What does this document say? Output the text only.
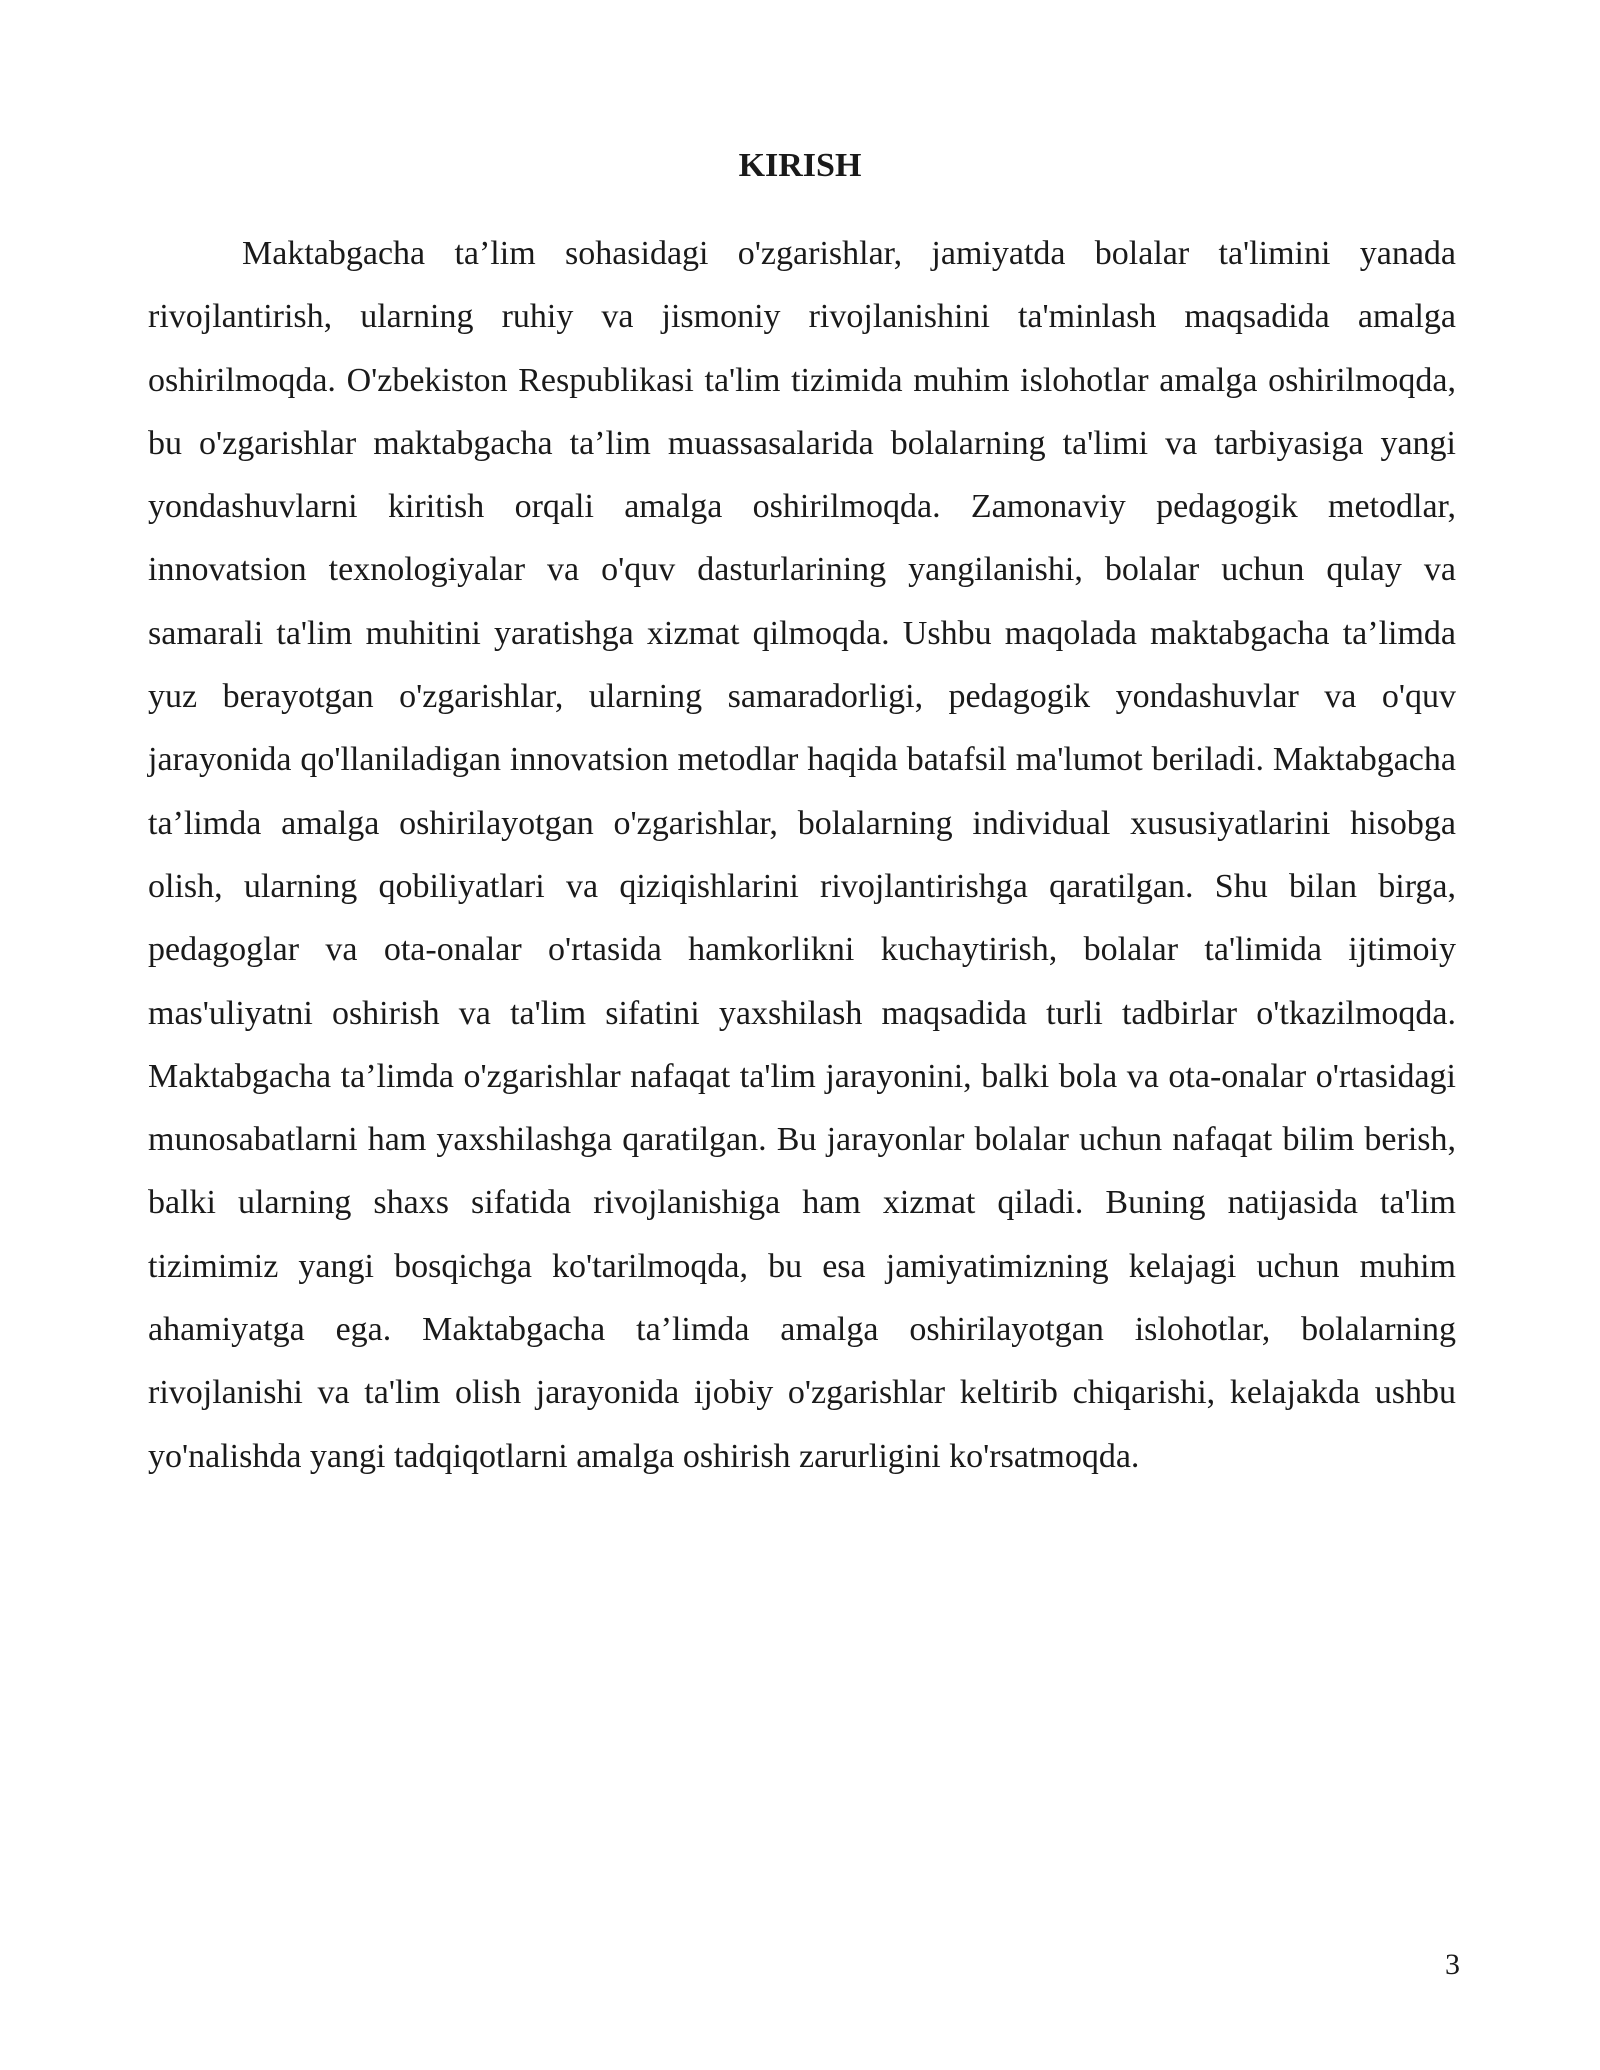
KIRISH

Maktabgacha ta’lim sohasidagi o'zgarishlar, jamiyatda bolalar ta'limini yanada rivojlantirish, ularning ruhiy va jismoniy rivojlanishini ta'minlash maqsadida amalga oshirilmoqda. O'zbekiston Respublikasi ta'lim tizimida muhim islohotlar amalga oshirilmoqda, bu o'zgarishlar maktabgacha ta’lim muassasalarida bolalarning ta'limi va tarbiyasiga yangi yondashuvlarni kiritish orqali amalga oshirilmoqda. Zamonaviy pedagogik metodlar, innovatsion texnologiyalar va o'quv dasturlarining yangilanishi, bolalar uchun qulay va samarali ta'lim muhitini yaratishga xizmat qilmoqda. Ushbu maqolada maktabgacha ta’limda yuz berayotgan o'zgarishlar, ularning samaradorligi, pedagogik yondashuvlar va o'quv jarayonida qo'llaniladigan innovatsion metodlar haqida batafsil ma'lumot beriladi. Maktabgacha ta’limda amalga oshirilayotgan o'zgarishlar, bolalarning individual xususiyatlarini hisobga olish, ularning qobiliyatlari va qiziqishlarini rivojlantirishga qaratilgan. Shu bilan birga, pedagoglar va ota-onalar o'rtasida hamkorlikni kuchaytirish, bolalar ta'limida ijtimoiy mas'uliyatni oshirish va ta'lim sifatini yaxshilash maqsadida turli tadbirlar o'tkazilmoqda. Maktabgacha ta’limda o'zgarishlar nafaqat ta'lim jarayonini, balki bola va ota-onalar o'rtasidagi munosabatlarni ham yaxshilashga qaratilgan. Bu jarayonlar bolalar uchun nafaqat bilim berish, balki ularning shaxs sifatida rivojlanishiga ham xizmat qiladi. Buning natijasida ta'lim tizimimiz yangi bosqichga ko'tarilmoqda, bu esa jamiyatimizning kelajagi uchun muhim ahamiyatga ega. Maktabgacha ta’limda amalga oshirilayotgan islohotlar, bolalarning rivojlanishi va ta'lim olish jarayonida ijobiy o'zgarishlar keltirib chiqarishi, kelajakda ushbu yo'nalishda yangi tadqiqotlarni amalga oshirish zarurligini ko'rsatmoqda.

3
